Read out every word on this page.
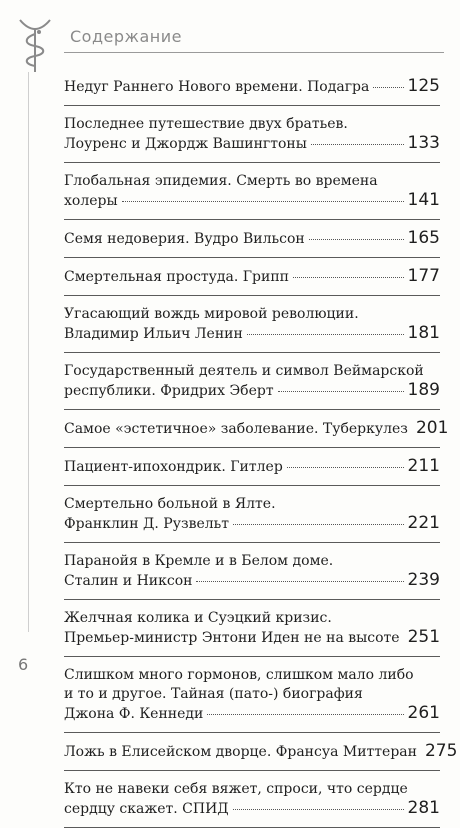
Содержание
Недуг Раннего Нового времени. Подагра 125
Последнее путешествие двух братьев.
Лоуренс и Джордж Вашингтоны	133
Глобальная эпидемия. Смерть во времена
холеры	141
Семя недоверия. Вудро Вильсон	165
Смертельная простуда. Грипп	177
Угасающий вождь мировой революции.
Владимир Ильич Ленин	181
Государственный деятель и символ Веймарской
республики. Фридрих Эберт	189
Самое «эстетичное» заболевание. Туберкулез 201
Пациент-ипохондрик. Гитлер	211
Смертельно больной в Ялте.
Франклин Д. Рузвельт	221
Паранойя в Кремле и в Белом доме.
Сталин и Никсон	239
Желчная колика и Суэцкий кризис.
Премьер-министр Энтони Иден не на высоте 251
Слишком много гормонов, слишком мало либо
и то и другое. Тайная (пато-) биография
Джона Ф. Кеннеди	261
Ложь в Елисейском дворце. Франсуа Миттеран 275
Кто не навеки себя вяжет, спроси, что сердце
сердцу скажет. СПИД	281
6
